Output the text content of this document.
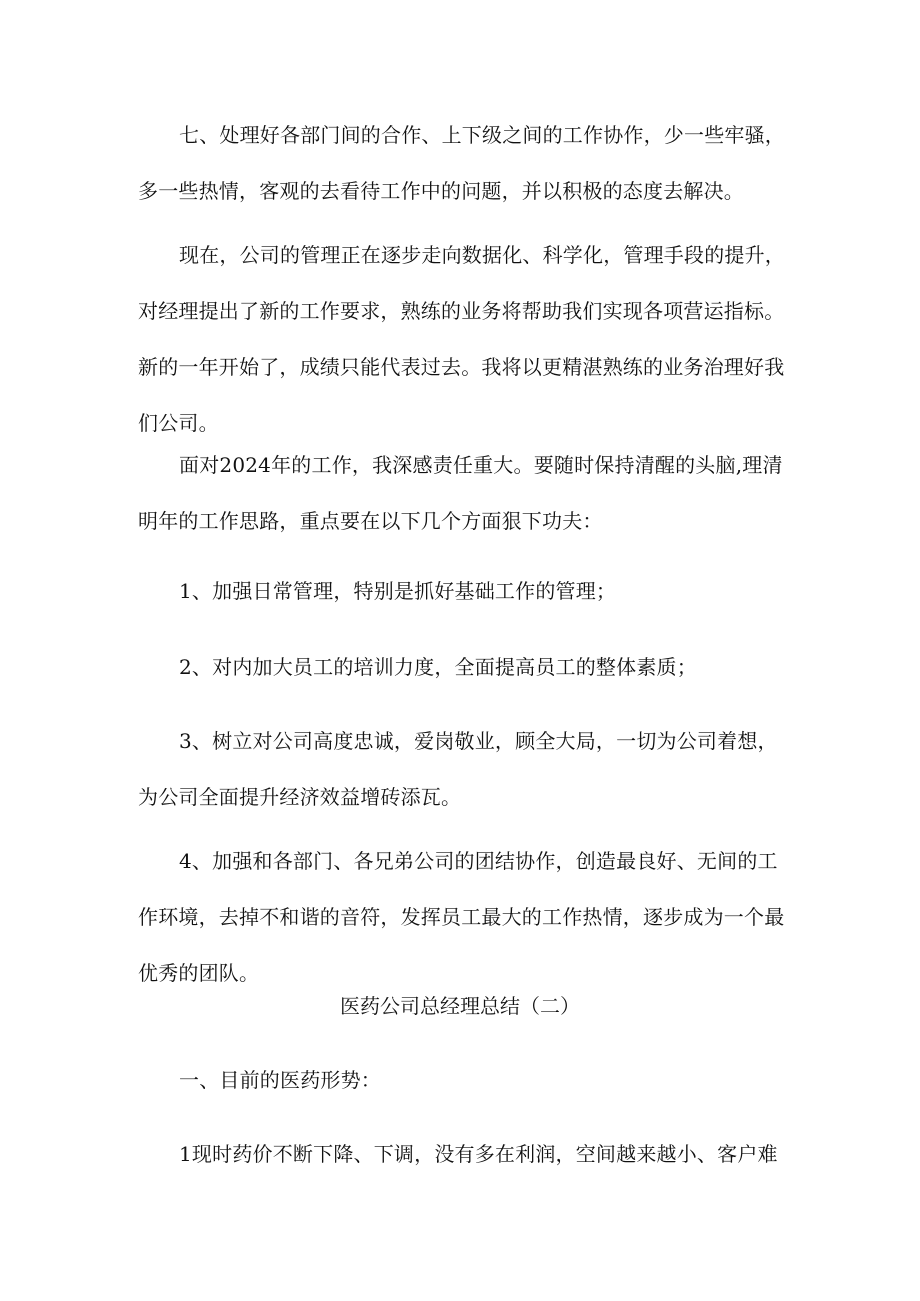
七、处理好各部门间的合作、上下级之间的工作协作，少一些牢骚，
多一些热情，客观的去看待工作中的问题，并以积极的态度去解决。
现在，公司的管理正在逐步走向数据化、科学化，管理手段的提升，
对经理提出了新的工作要求，熟练的业务将帮助我们实现各项营运指标。
新的一年开始了，成绩只能代表过去。我将以更精湛熟练的业务治理好我
们公司。
面对2024年的工作，我深感责任重大。要随时保持清醒的头脑,理清
明年的工作思路，重点要在以下几个方面狠下功夫：
1、加强日常管理，特别是抓好基础工作的管理；
2、对内加大员工的培训力度，全面提高员工的整体素质；
3、树立对公司高度忠诚，爱岗敬业，顾全大局，一切为公司着想，
为公司全面提升经济效益增砖添瓦。
4、加强和各部门、各兄弟公司的团结协作，创造最良好、无间的工
作环境，去掉不和谐的音符，发挥员工最大的工作热情，逐步成为一个最
优秀的团队。
医药公司总经理总结（二）
一、目前的医药形势：
1现时药价不断下降、下调，没有多在利润，空间越来越小、客户难
